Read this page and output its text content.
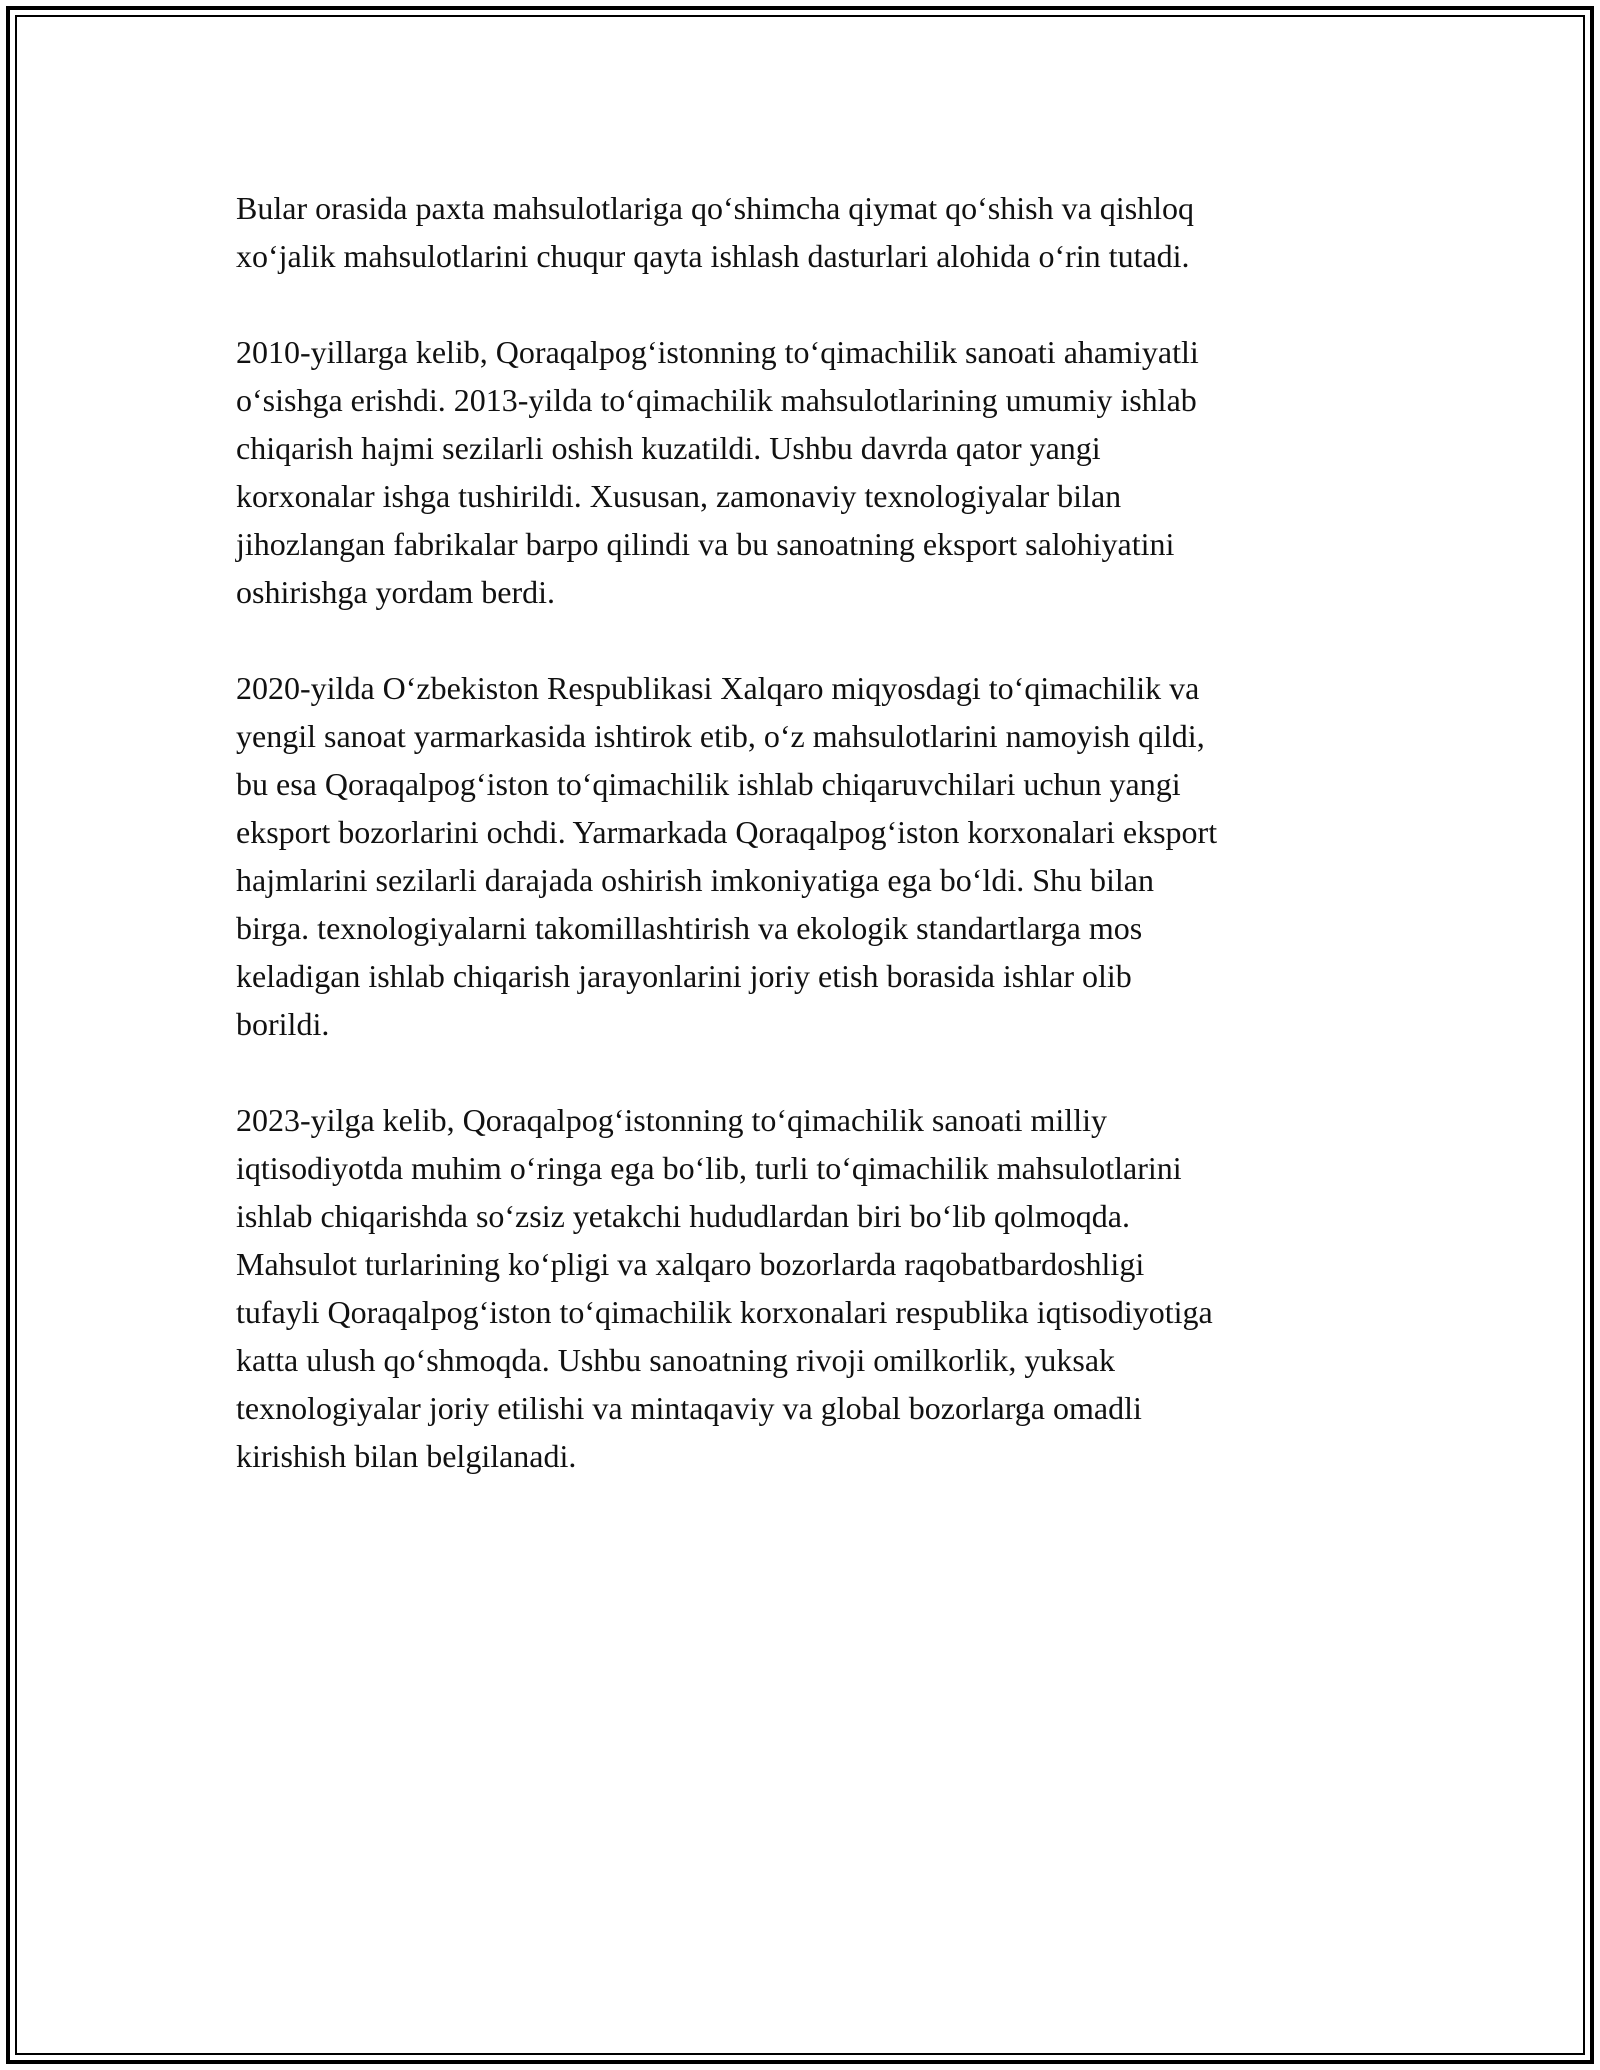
Bular orasida paxta mahsulotlariga qo‘shimcha qiymat qo‘shish va qishloq
xo‘jalik mahsulotlarini chuqur qayta ishlash dasturlari alohida o‘rin tutadi.

2010-yillarga kelib, Qoraqalpog‘istonning to‘qimachilik sanoati ahamiyatli
o‘sishga erishdi. 2013-yilda to‘qimachilik mahsulotlarining umumiy ishlab
chiqarish hajmi sezilarli oshish kuzatildi. Ushbu davrda qator yangi
korxonalar ishga tushirildi. Xususan, zamonaviy texnologiyalar bilan
jihozlangan fabrikalar barpo qilindi va bu sanoatning eksport salohiyatini
oshirishga yordam berdi.

2020-yilda O‘zbekiston Respublikasi Xalqaro miqyosdagi to‘qimachilik va
yengil sanoat yarmarkasida ishtirok etib, o‘z mahsulotlarini namoyish qildi,
bu esa Qoraqalpog‘iston to‘qimachilik ishlab chiqaruvchilari uchun yangi
eksport bozorlarini ochdi. Yarmarkada Qoraqalpog‘iston korxonalari eksport
hajmlarini sezilarli darajada oshirish imkoniyatiga ega bo‘ldi. Shu bilan
birga. texnologiyalarni takomillashtirish va ekologik standartlarga mos
keladigan ishlab chiqarish jarayonlarini joriy etish borasida ishlar olib
borildi.

2023-yilga kelib, Qoraqalpog‘istonning to‘qimachilik sanoati milliy
iqtisodiyotda muhim o‘ringa ega bo‘lib, turli to‘qimachilik mahsulotlarini
ishlab chiqarishda so‘zsiz yetakchi hududlardan biri bo‘lib qolmoqda.
Mahsulot turlarining ko‘pligi va xalqaro bozorlarda raqobatbardoshligi
tufayli Qoraqalpog‘iston to‘qimachilik korxonalari respublika iqtisodiyotiga
katta ulush qo‘shmoqda. Ushbu sanoatning rivoji omilkorlik, yuksak
texnologiyalar joriy etilishi va mintaqaviy va global bozorlarga omadli
kirishish bilan belgilanadi.
